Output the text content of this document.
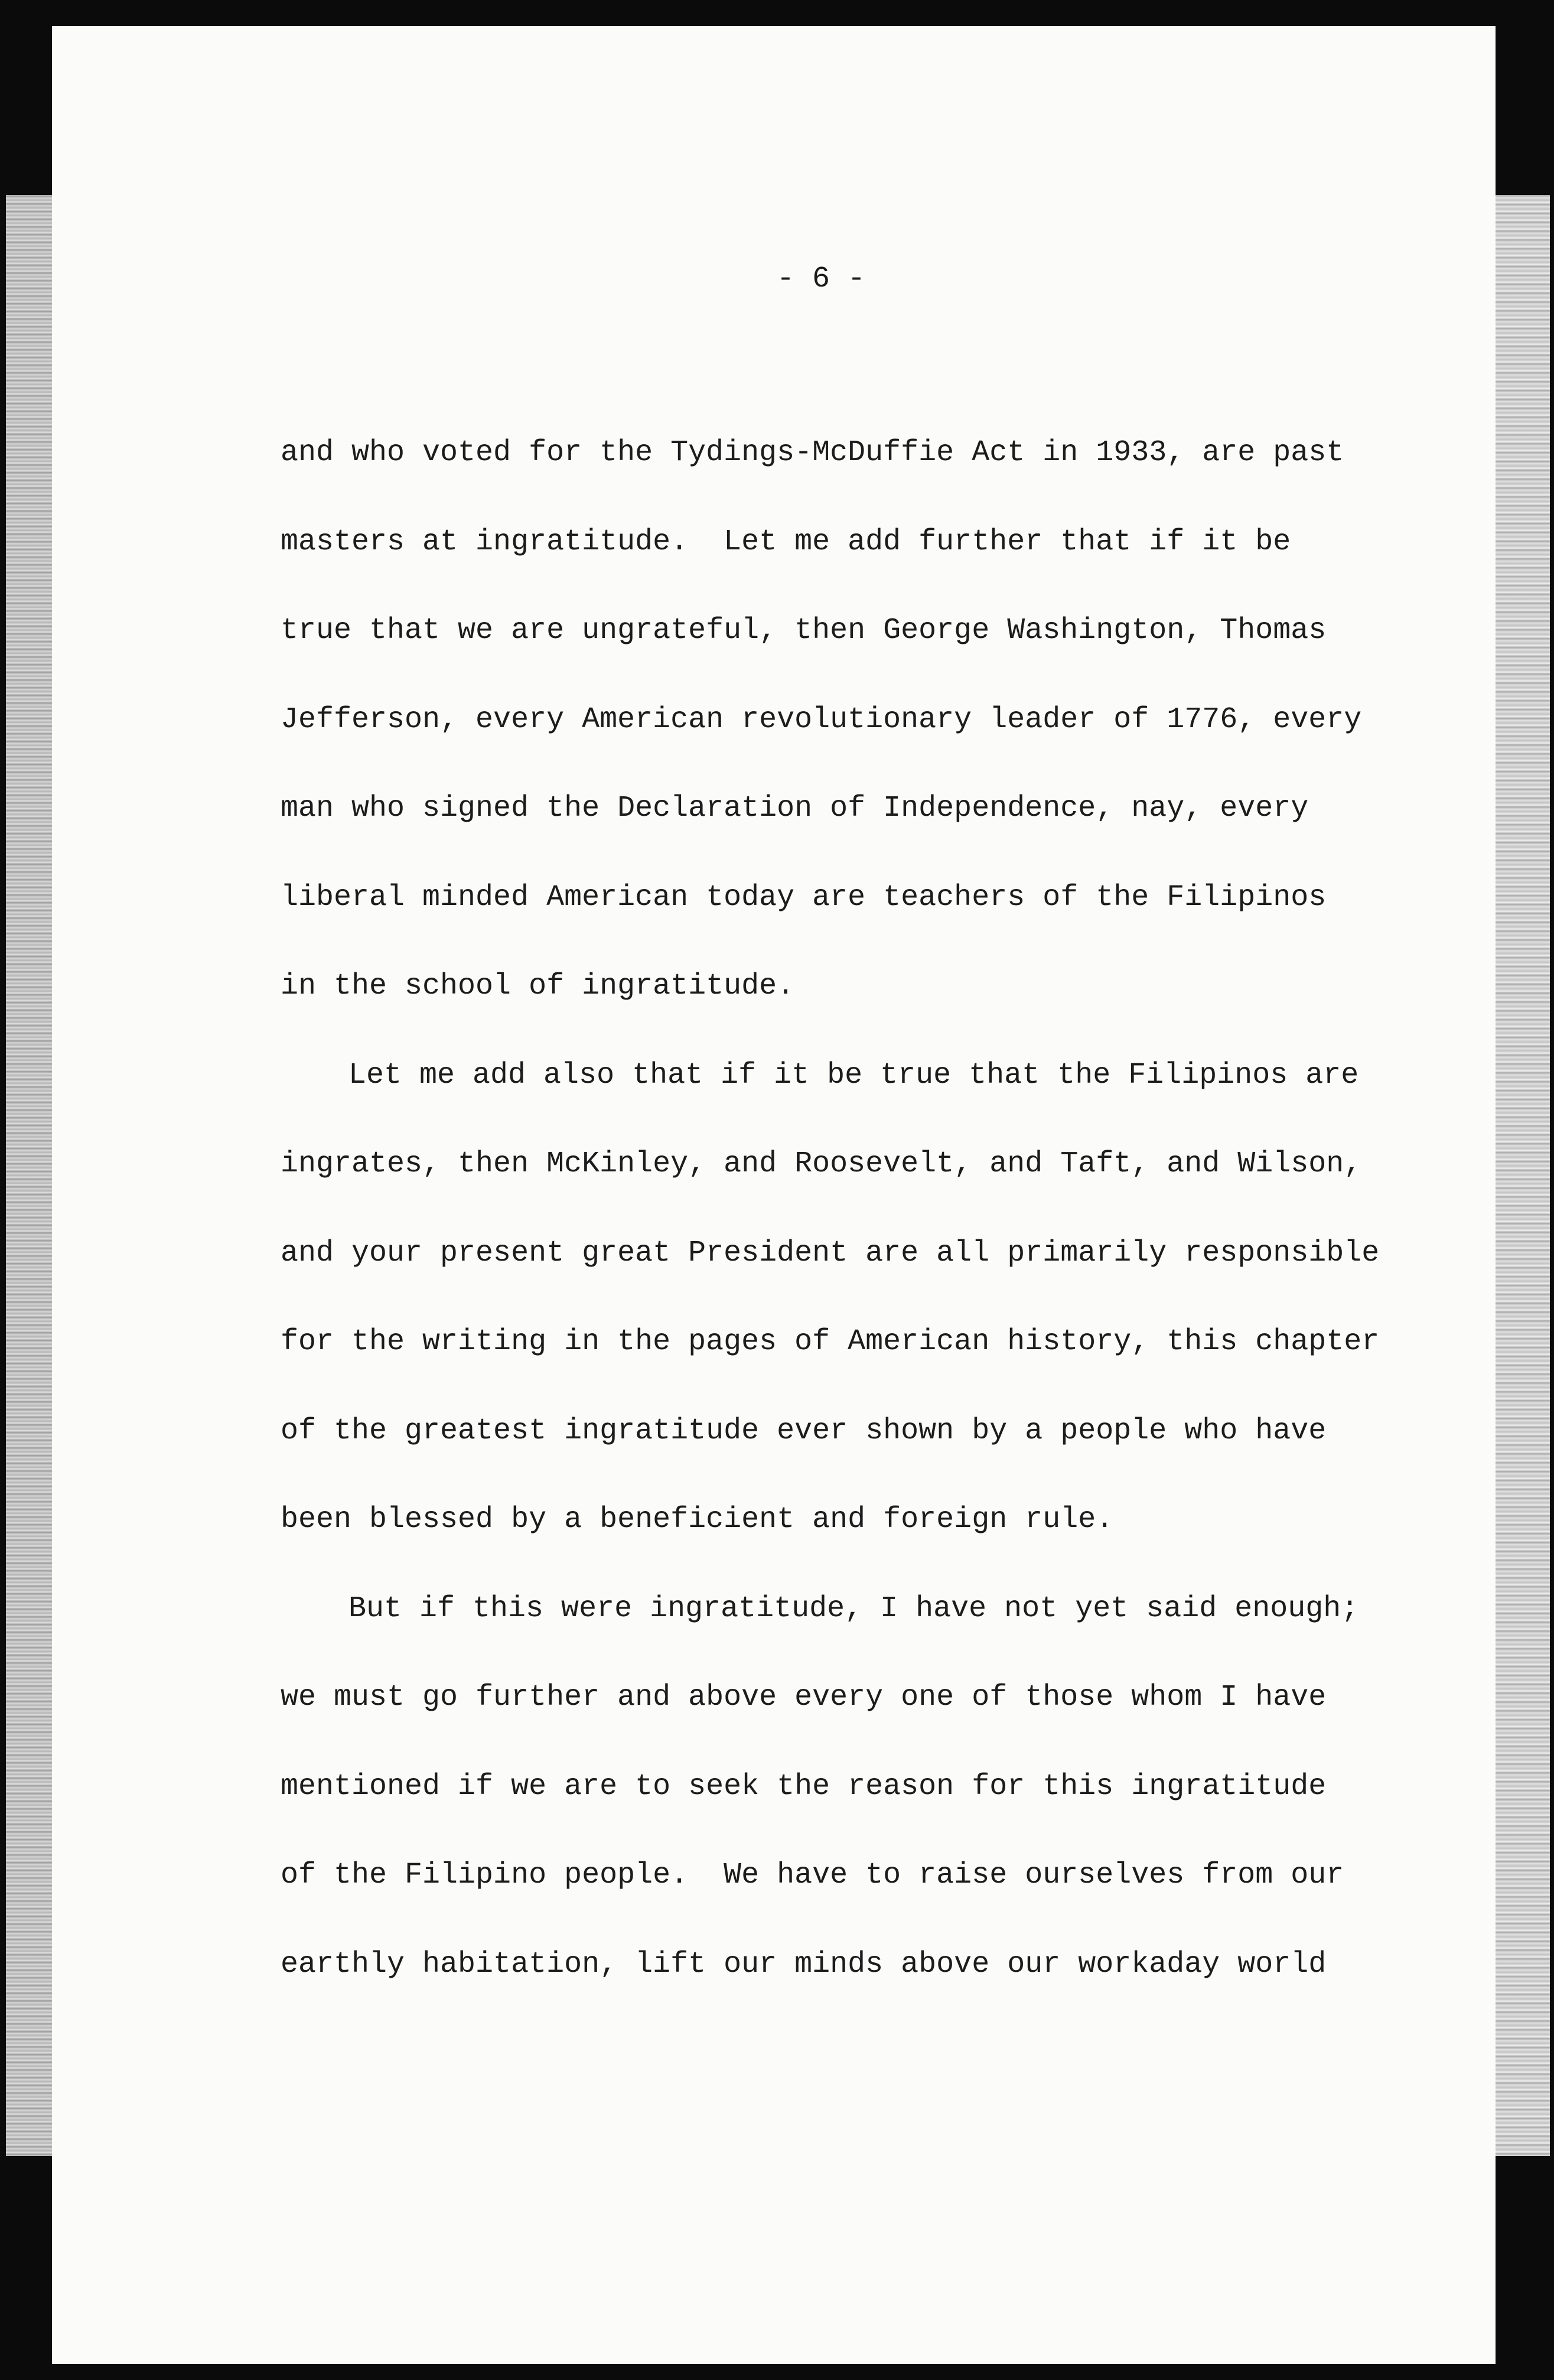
- 6 -
and who voted for the Tydings-McDuffie Act in 1933, are past
masters at ingratitude.  Let me add further that if it be
true that we are ungrateful, then George Washington, Thomas
Jefferson, every American revolutionary leader of 1776, every
man who signed the Declaration of Independence, nay, every
liberal minded American today are teachers of the Filipinos
in the school of ingratitude.
Let me add also that if it be true that the Filipinos are
ingrates, then McKinley, and Roosevelt, and Taft, and Wilson,
and your present great President are all primarily responsible
for the writing in the pages of American history, this chapter
of the greatest ingratitude ever shown by a people who have
been blessed by a beneficient and foreign rule.
But if this were ingratitude, I have not yet said enough;
we must go further and above every one of those whom I have
mentioned if we are to seek the reason for this ingratitude
of the Filipino people.  We have to raise ourselves from our
earthly habitation, lift our minds above our workaday world
